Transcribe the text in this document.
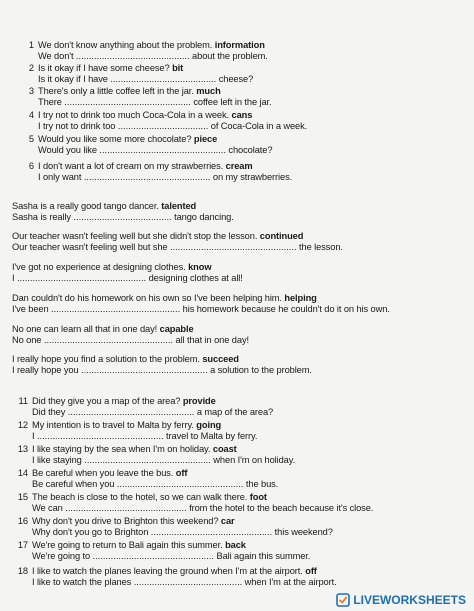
1 We don't know anything about the problem. information
We don't ............................................ about the problem.
2 Is it okay if I have some cheese? bit
Is it okay if I have ......................................... cheese?
3 There's only a little coffee left in the jar. much
There ................................................. coffee left in the jar.
4 I try not to drink too much Coca-Cola in a week. cans
I try not to drink too ................................... of Coca-Cola in a week.
5 Would you like some more chocolate? piece
Would you like ................................................. chocolate?
6 I don't want a lot of cream on my strawberries. cream
I only want ................................................. on my strawberries.
Sasha is a really good tango dancer. talented
Sasha is really ...................................... tango dancing.
Our teacher wasn't feeling well but she didn't stop the lesson. continued
Our teacher wasn't feeling well but she ................................................. the lesson.
I've got no experience at designing clothes. know
I .................................................. designing clothes at all!
Dan couldn't do his homework on his own so I've been helping him. helping
I've been .................................................. his homework because he couldn't do it on his own.
No one can learn all that in one day! capable
No one .................................................. all that in one day!
I really hope you find a solution to the problem. succeed
I really hope you ................................................. a solution to the problem.
11 Did they give you a map of the area? provide
Did they ................................................. a map of the area?
12 My intention is to travel to Malta by ferry. going
I ................................................. travel to Malta by ferry.
13 I like staying by the sea when I'm on holiday. coast
I like staying ................................................. when I'm on holiday.
14 Be careful when you leave the bus. off
Be careful when you ................................................. the bus.
15 The beach is close to the hotel, so we can walk there. foot
We can ............................................... from the hotel to the beach because it's close.
16 Why don't you drive to Brighton this weekend? car
Why don't you go to Brighton ............................................... this weekend?
17 We're going to return to Bali again this summer. back
We're going to ............................................... Bali again this summer.
18 I like to watch the planes leaving the ground when I'm at the airport. off
I like to watch the planes .......................................... when I'm at the airport.
LIVEWORKSHEETS
